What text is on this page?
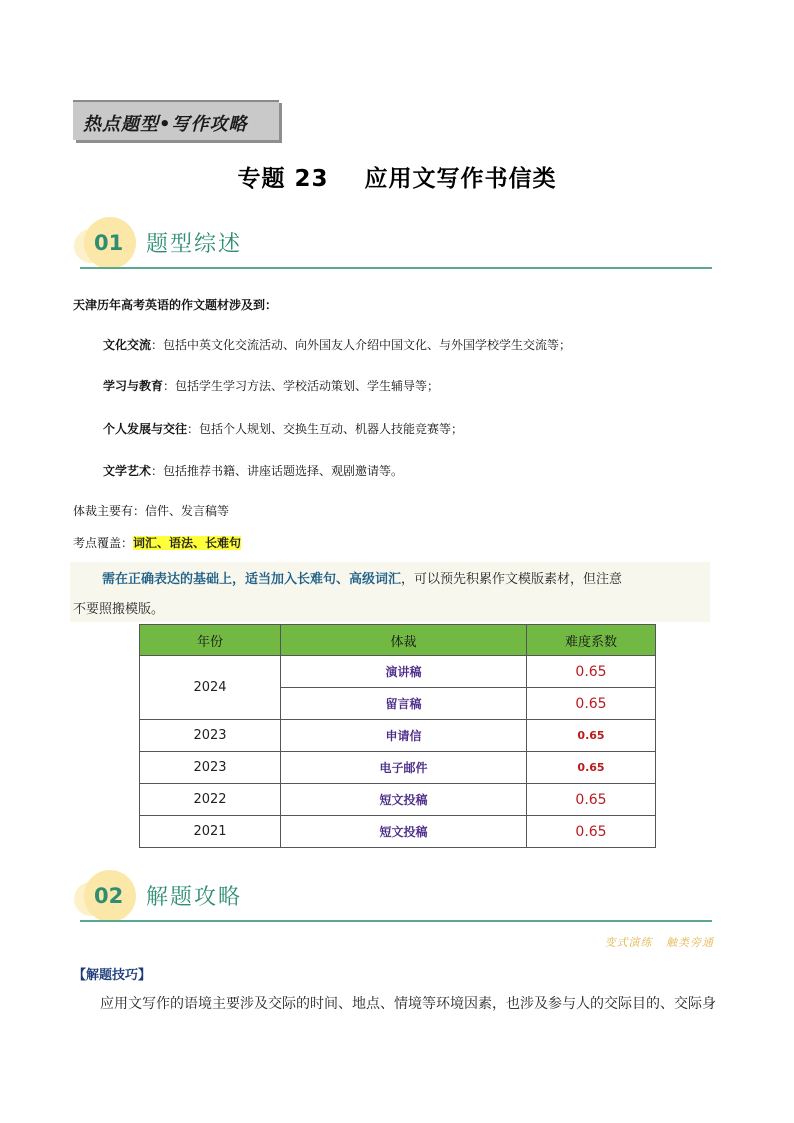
热点题型•写作攻略
专题 23    应用文写作书信类
01 题型综述
天津历年高考英语的作文题材涉及到：
文化交流：包括中英文化交流活动、向外国友人介绍中国文化、与外国学校学生交流等；
学习与教育：包括学生学习方法、学校活动策划、学生辅导等；
个人发展与交往：包括个人规划、交换生互动、机器人技能竞赛等；
文学艺术：包括推荐书籍、讲座话题选择、观剧邀请等。
体裁主要有：信件、发言稿等
考点覆盖：词汇、语法、长难句
需在正确表达的基础上，适当加入长难句、高级词汇，可以预先积累作文模版素材，但注意
不要照搬模版。
年份	体裁	难度系数
2024	演讲稿	0.65
	留言稿	0.65
2023	申请信	0.65
2023	电子邮件	0.65
2022	短文投稿	0.65
2021	短文投稿	0.65
02 解题攻略
变式演练   触类旁通
【解题技巧】
应用文写作的语境主要涉及交际的时间、地点、情境等环境因素，也涉及参与人的交际目的、交际身
